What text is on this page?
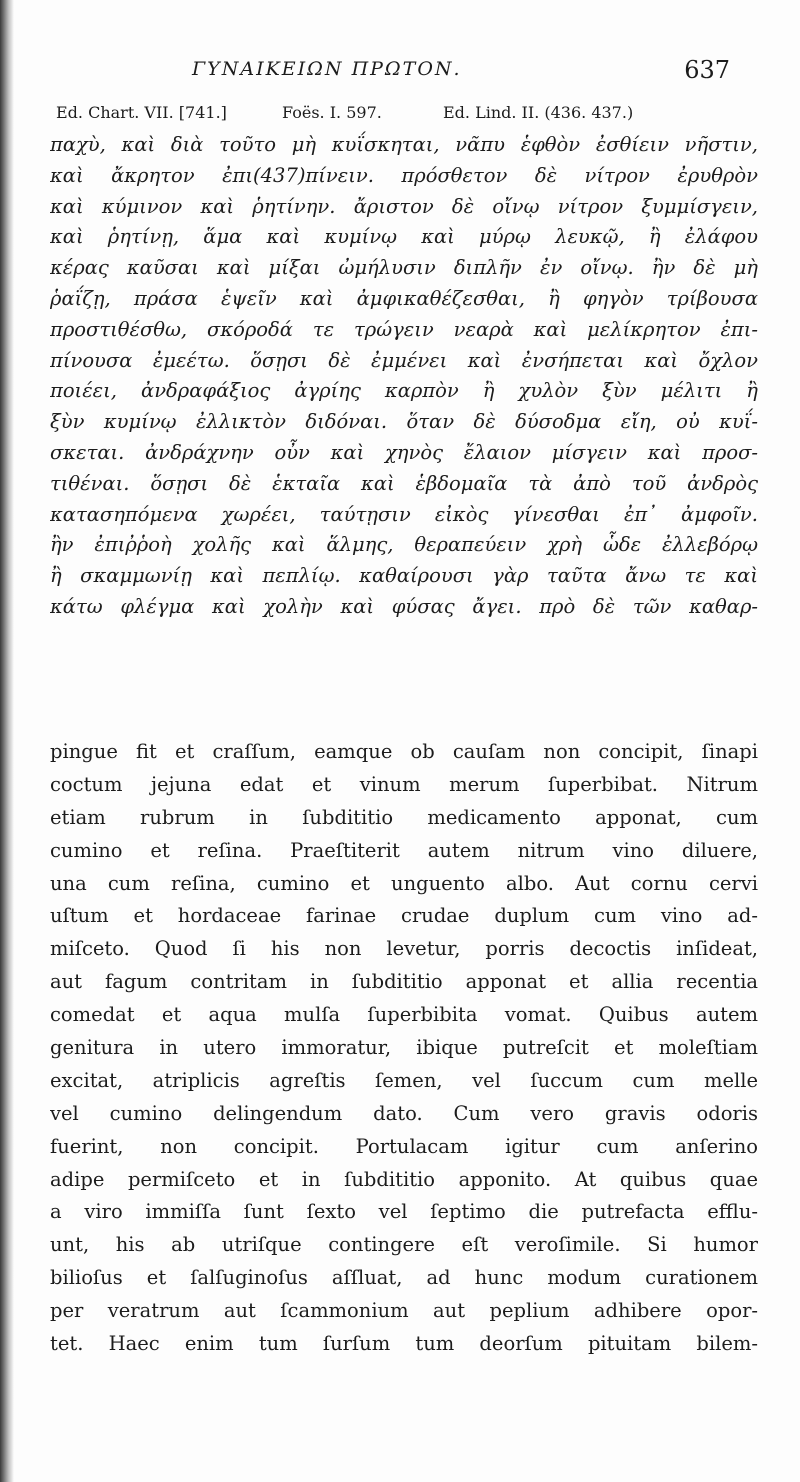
ΓΥΝΑΙΚΕΙΩΝ ΠΡΩΤΟΝ.	637
Ed. Chart. VII. [741.]	Foës. I. 597.	Ed. Lind. II. (436. 437.)
παχὺ, καὶ διὰ τοῦτο μὴ κυΐσκηται, νᾶπυ ἑφθὸν ἐσθίειν νῆστιν,
καὶ ἄκρητον ἐπι(437)πίνειν. πρόσθετον δὲ νίτρον ἐρυθρὸν
καὶ κύμινον καὶ ῥητίνην. ἄριστον δὲ οἴνῳ νίτρον ξυμμίσγειν,
καὶ ῥητίνῃ, ἅμα καὶ κυμίνῳ καὶ μύρῳ λευκῷ, ἢ ἐλάφου
κέρας καῦσαι καὶ μίξαι ὠμήλυσιν διπλῆν ἐν οἴνῳ. ἢν δὲ μὴ
ῥαΐζῃ, πράσα ἑψεῖν καὶ ἀμφικαθέζεσθαι, ἢ φηγὸν τρίβουσα
προστιθέσθω, σκόροδά τε τρώγειν νεαρὰ καὶ μελίκρητον ἐπι-
πίνουσα ἐμεέτω. ὅσῃσι δὲ ἐμμένει καὶ ἐνσήπεται καὶ ὄχλον
ποιέει, ἀνδραφάξιος ἀγρίης καρπὸν ἢ χυλὸν ξὺν μέλιτι ἢ
ξὺν κυμίνῳ ἐλλικτὸν διδόναι. ὅταν δὲ δύσοδμα εἴη, οὐ κυΐ-
σκεται. ἀνδράχνην οὖν καὶ χηνὸς ἔλαιον μίσγειν καὶ προσ-
τιθέναι. ὅσῃσι δὲ ἑκταῖα καὶ ἑβδομαῖα τὰ ἀπὸ τοῦ ἀνδρὸς
κατασηπόμενα χωρέει, ταύτῃσιν εἰκὸς γίνεσθαι ἐπ᾽ ἀμφοῖν.
ἢν ἐπιῤῥοὴ χολῆς καὶ ἅλμης, θεραπεύειν χρὴ ὧδε ἐλλεβόρῳ
ἢ σκαμμωνίῃ καὶ πεπλίῳ. καθαίρουσι γὰρ ταῦτα ἄνω τε καὶ
κάτω φλέγμα καὶ χολὴν καὶ φύσας ἄγει. πρὸ δὲ τῶν καθαρ-
pingue fit et craſſum, eamque ob cauſam non concipit, ſinapi
coctum jejuna edat et vinum merum ſuperbibat. Nitrum
etiam rubrum in ſubdititio medicamento apponat, cum
cumino et reſina. Praeſtiterit autem nitrum vino diluere,
una cum reſina, cumino et unguento albo. Aut cornu cervi
uſtum et hordaceae farinae crudae duplum cum vino ad-
miſceto. Quod ſi his non levetur, porris decoctis inſideat,
aut fagum contritam in ſubdititio apponat et allia recentia
comedat et aqua mulſa ſuperbibita vomat. Quibus autem
genitura in utero immoratur, ibique putreſcit et moleſtiam
excitat, atriplicis agreſtis ſemen, vel ſuccum cum melle
vel cumino delingendum dato. Cum vero gravis odoris
fuerint, non concipit. Portulacam igitur cum anſerino
adipe permiſceto et in ſubdititio apponito. At quibus quae
a viro immiſſa ſunt ſexto vel ſeptimo die putrefacta efflu-
unt, his ab utriſque contingere eſt veroſimile. Si humor
bilioſus et ſalſuginoſus aſſluat, ad hunc modum curationem
per veratrum aut ſcammonium aut peplium adhibere opor-
tet. Haec enim tum ſurſum tum deorſum pituitam bilem-
